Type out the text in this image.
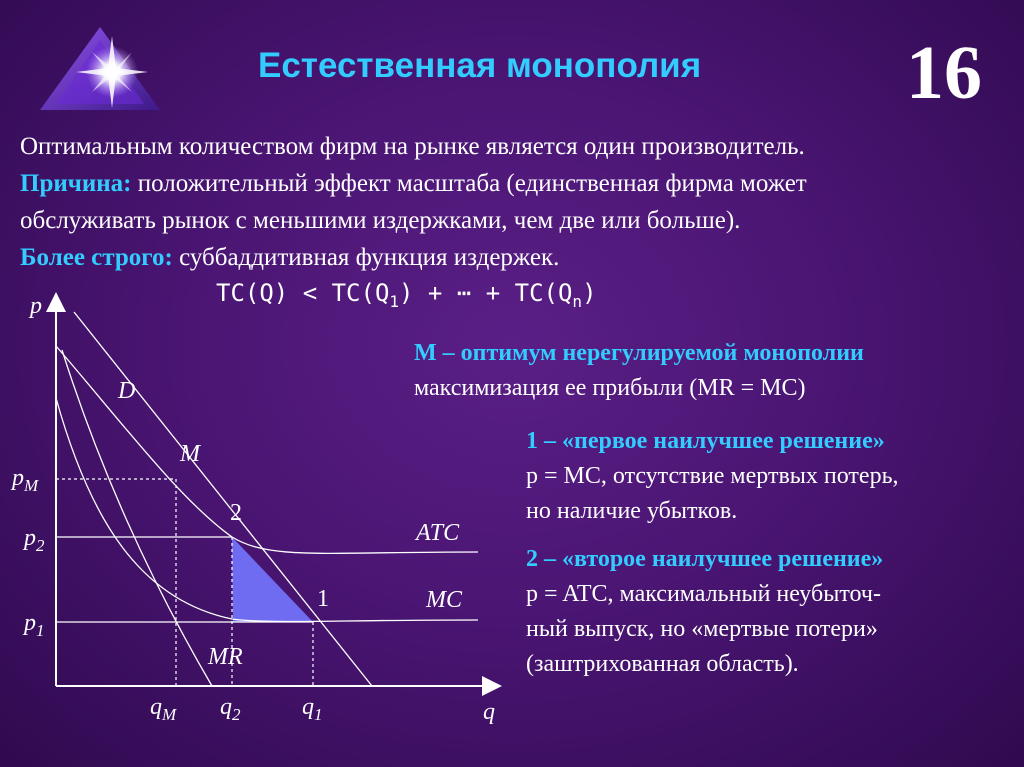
Естественная монополия	16
Оптимальным количеством фирм на рынке является один производитель.
Причина: положительный эффект масштаба (единственная фирма может
обслуживать рынок с меньшими издержками, чем две или больше).
Более строго: суббаддитивная функция издержек.
$TC(Q) < TC(Q_1)$ + ⋯ + $TC(Q_n)$
M – оптимум нерегулируемой монополии
максимизация ее прибыли (MR = MC)
1 – «первое наилучшее решение»
p = MC, отсутствие мертвых потерь,
но наличие убытков.
2 – «второе наилучшее решение»
p = ATC, максимальный неубыточ-
ный выпуск, но «мертвые потери»
(заштрихованная область).
p
q
D
M
2
1
ATC
MC
MR
$p_M$
$p_2$
$p_1$
$q_M$ $q_2$	$q_1$
